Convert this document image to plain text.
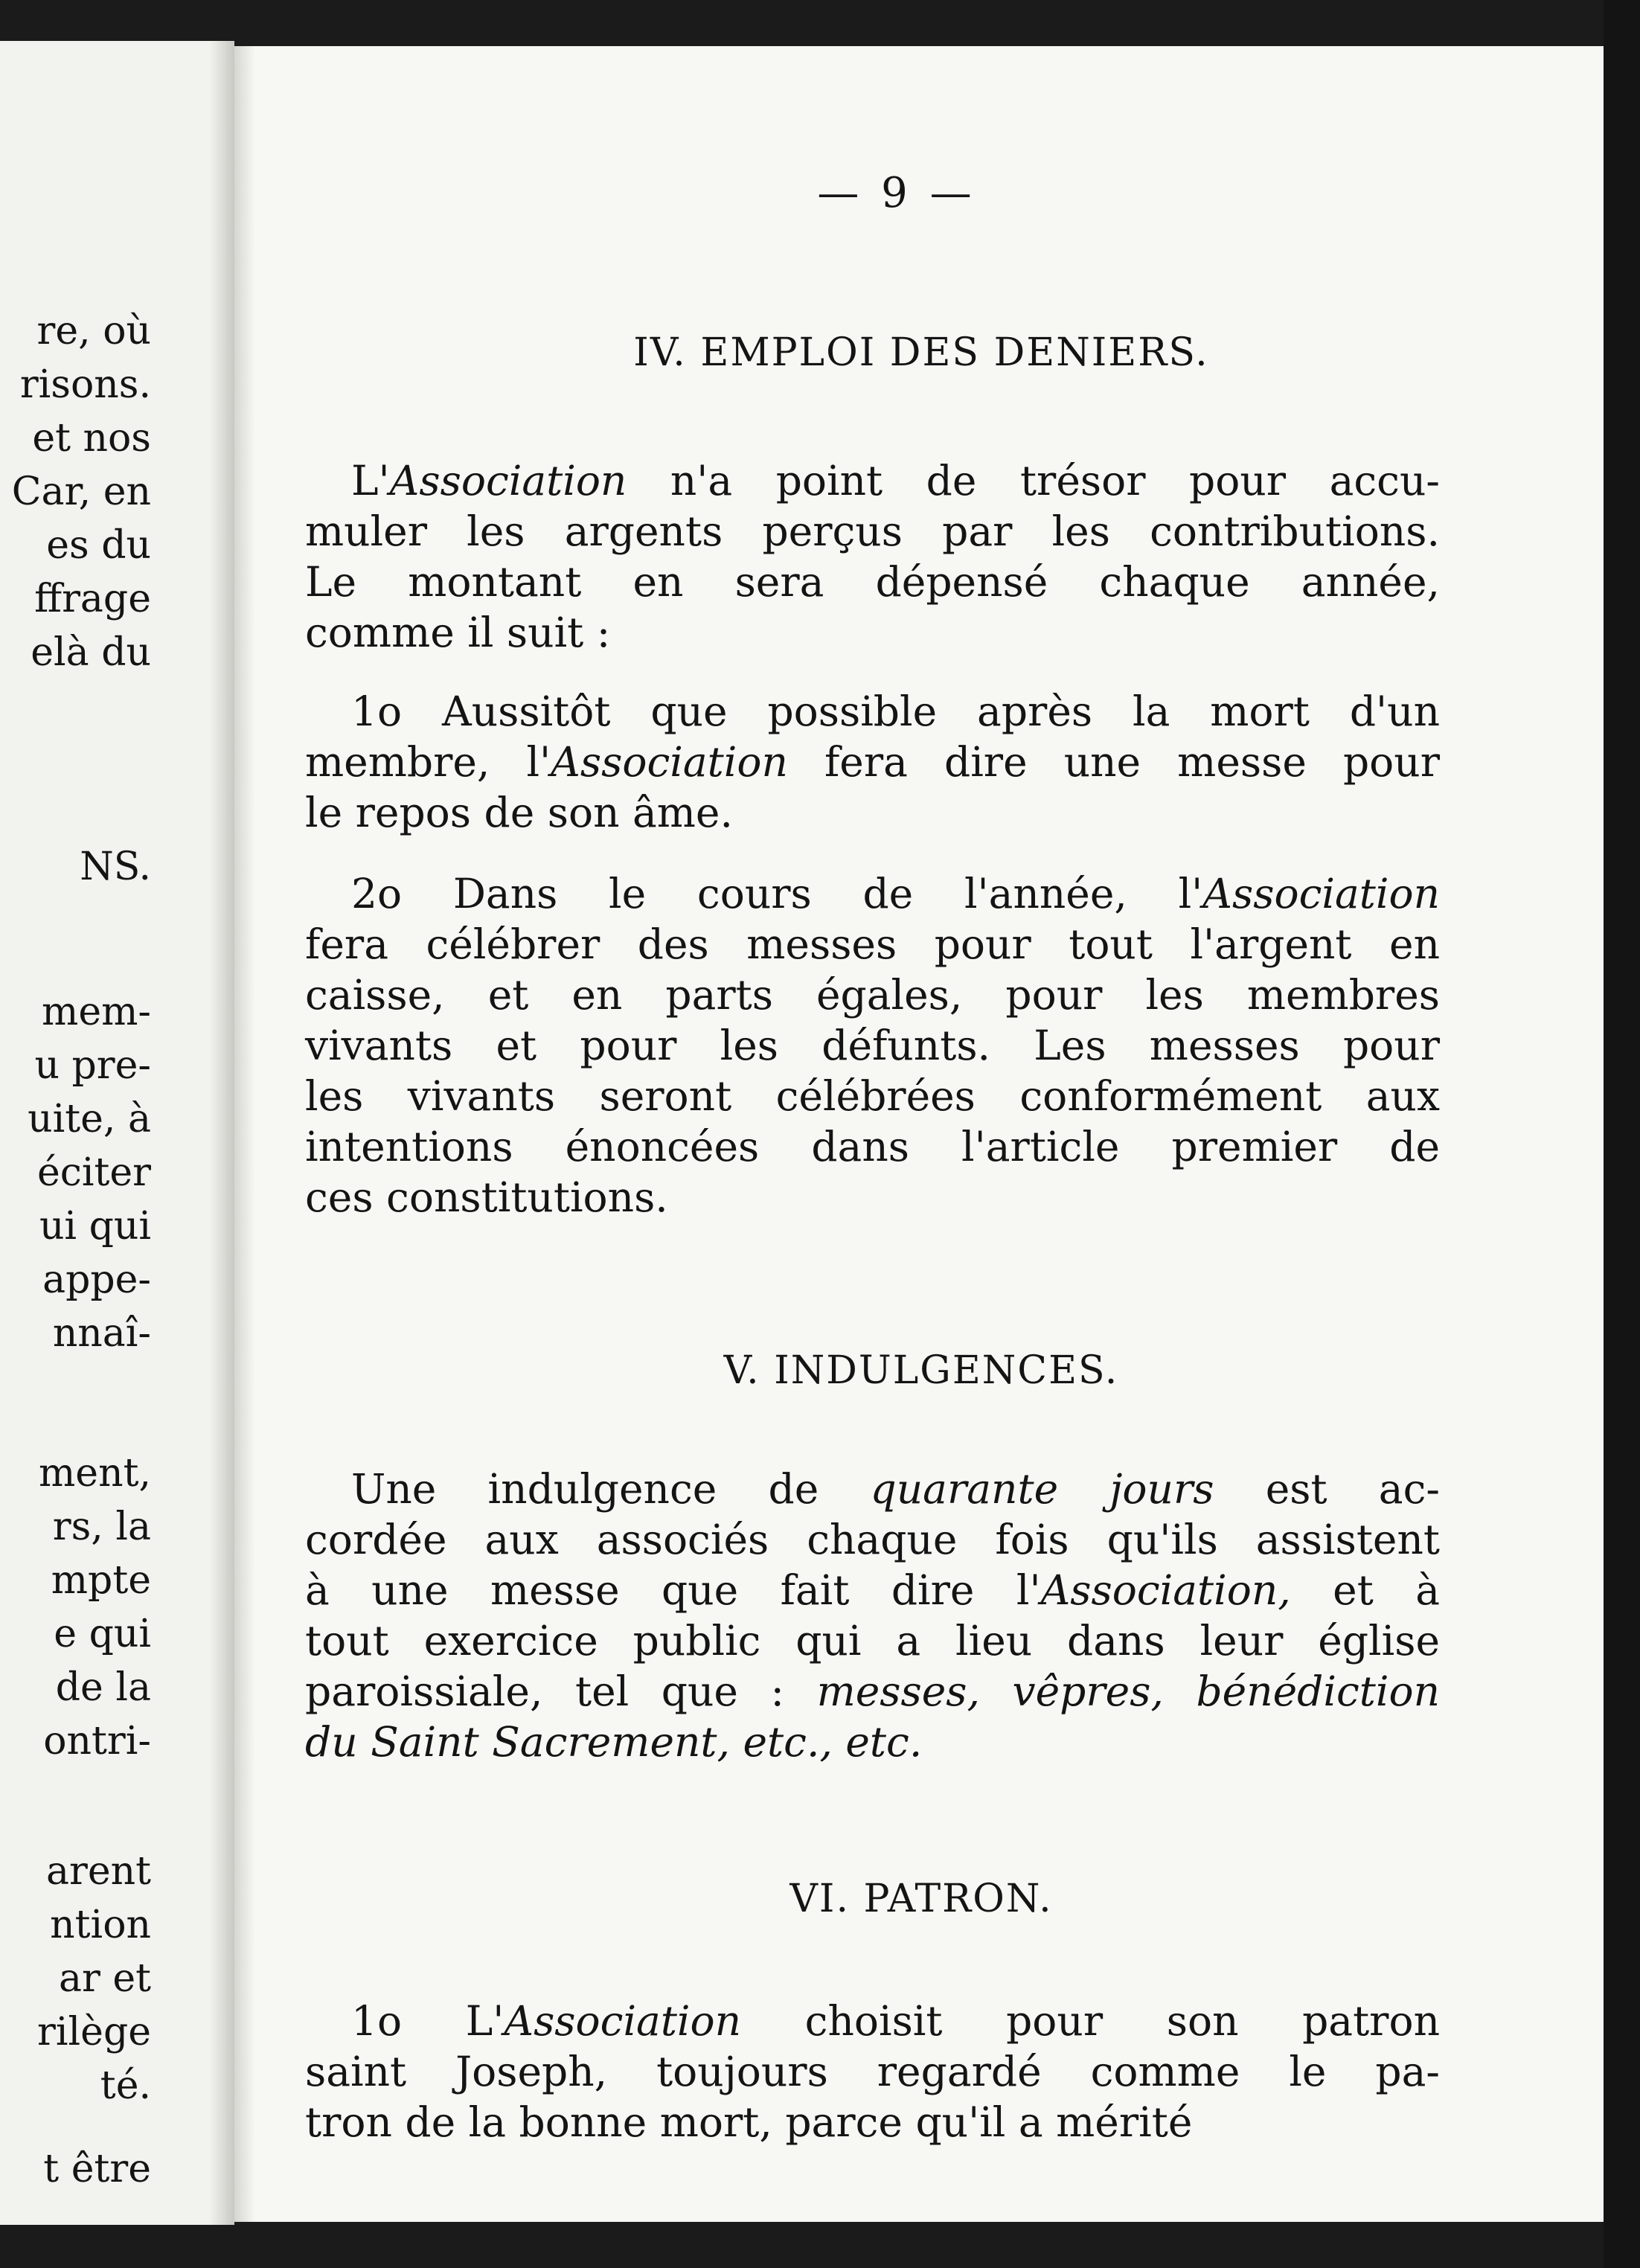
re, où
risons.
et nos
Car, en
es du
ffrage
elà du
NS.
mem-
u pre-
uite, à
éciter
ui qui
appe-
nnaî-
ment,
rs, la
mpte
e qui
de la
ontri-
arent
ntion
ar et
rilège
té.
t être
— 9 —
IV. EMPLOI DES DENIERS.
L'Association n'a point de trésor pour accu-
muler les argents perçus par les contributions.
Le montant en sera dépensé chaque année,
comme il suit :
1o Aussitôt que possible après la mort d'un
membre, l'Association fera dire une messe pour
le repos de son âme.
2o Dans le cours de l'année, l'Association
fera célébrer des messes pour tout l'argent en
caisse, et en parts égales, pour les membres
vivants et pour les défunts. Les messes pour
les vivants seront célébrées conformément aux
intentions énoncées dans l'article premier de
ces constitutions.
V. INDULGENCES.
Une indulgence de quarante jours est ac-
cordée aux associés chaque fois qu'ils assistent
à une messe que fait dire l'Association, et à
tout exercice public qui a lieu dans leur église
paroissiale, tel que : messes, vêpres, bénédiction
du Saint Sacrement, etc., etc.
VI. PATRON.
1o L'Association choisit pour son patron
saint Joseph, toujours regardé comme le pa-
tron de la bonne mort, parce qu'il a mérité
